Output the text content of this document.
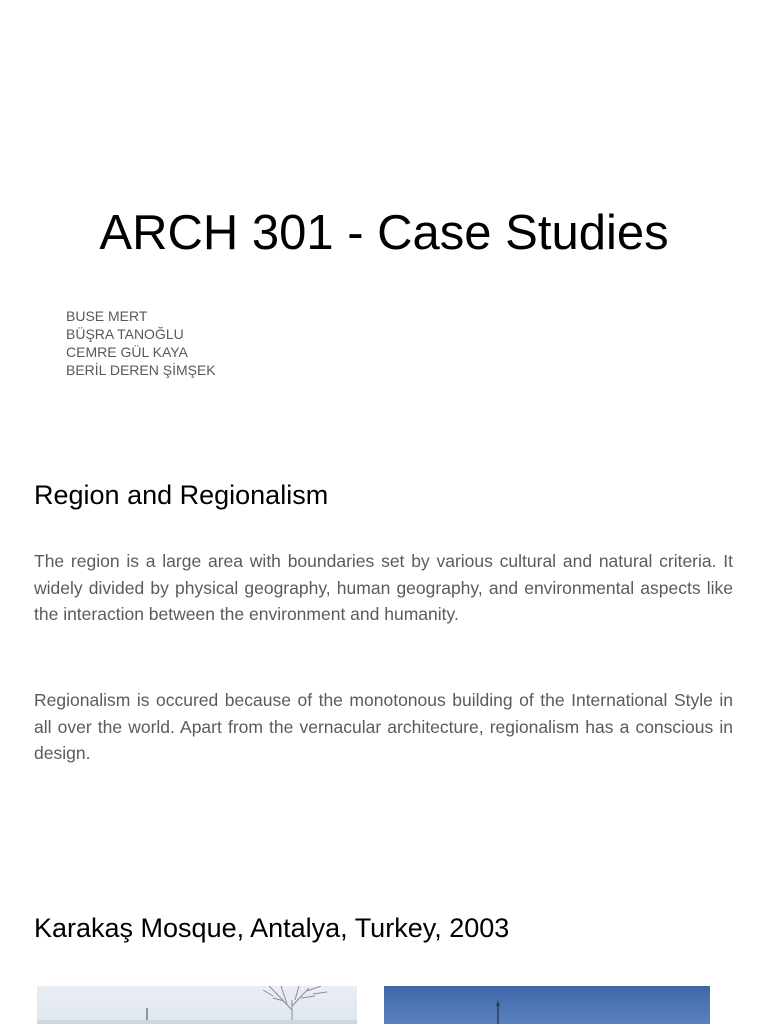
ARCH 301 - Case Studies
BUSE MERT
BÜŞRA TANOĞLU
CEMRE GÜL KAYA
BERİL DEREN ŞİMŞEK
Region and Regionalism

The region is a large area with boundaries set by various cultural and natural criteria. It widely divided by physical geography, human geography, and environmental aspects like the interaction between the environment and humanity.

Regionalism is occured because of the monotonous building of the International Style in all over the world. Apart from the vernacular architecture, regionalism has a conscious in design.

Karakaş Mosque, Antalya, Turkey, 2003
